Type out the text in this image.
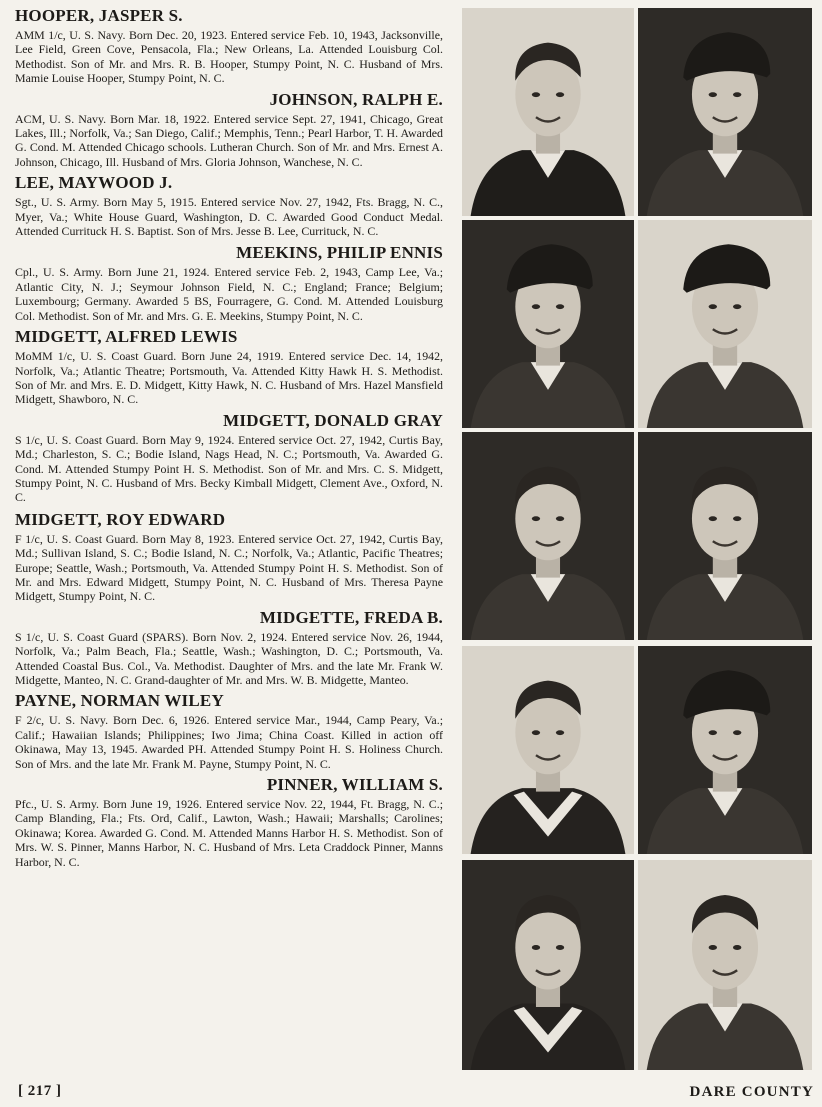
HOOPER, JASPER S.

AMM 1/c, U. S. Navy. Born Dec. 20, 1923. Entered service Feb. 10, 1943, Jacksonville, Lee Field, Green Cove, Pensacola, Fla.; New Orleans, La. Attended Louisburg Col. Methodist. Son of Mr. and Mrs. R. B. Hooper, Stumpy Point, N. C. Husband of Mrs. Mamie Louise Hooper, Stumpy Point, N. C.

JOHNSON, RALPH E.

ACM, U. S. Navy. Born Mar. 18, 1922. Entered service Sept. 27, 1941, Chicago, Great Lakes, Ill.; Norfolk, Va.; San Diego, Calif.; Memphis, Tenn.; Pearl Harbor, T. H. Awarded G. Cond. M. Attended Chicago schools. Lutheran Church. Son of Mr. and Mrs. Ernest A. Johnson, Chicago, Ill. Husband of Mrs. Gloria Johnson, Wanchese, N. C.

LEE, MAYWOOD J.

Sgt., U. S. Army. Born May 5, 1915. Entered service Nov. 27, 1942, Fts. Bragg, N. C., Myer, Va.; White House Guard, Washington, D. C. Awarded Good Conduct Medal. Attended Currituck H. S. Baptist. Son of Mrs. Jesse B. Lee, Currituck, N. C.

MEEKINS, PHILIP ENNIS

Cpl., U. S. Army. Born June 21, 1924. Entered service Feb. 2, 1943, Camp Lee, Va.; Atlantic City, N. J.; Seymour Johnson Field, N. C.; England; France; Belgium; Luxembourg; Germany. Awarded 5 BS, Fourragere, G. Cond. M. Attended Louisburg Col. Methodist. Son of Mr. and Mrs. G. E. Meekins, Stumpy Point, N. C.

MIDGETT, ALFRED LEWIS

MoMM 1/c, U. S. Coast Guard. Born June 24, 1919. Entered service Dec. 14, 1942, Norfolk, Va.; Atlantic Theatre; Portsmouth, Va. Attended Kitty Hawk H. S. Methodist. Son of Mr. and Mrs. E. D. Midgett, Kitty Hawk, N. C. Husband of Mrs. Hazel Mansfield Midgett, Shawboro, N. C.

MIDGETT, DONALD GRAY

S 1/c, U. S. Coast Guard. Born May 9, 1924. Entered service Oct. 27, 1942, Curtis Bay, Md.; Charleston, S. C.; Bodie Island, Nags Head, N. C.; Portsmouth, Va. Awarded G. Cond. M. Attended Stumpy Point H. S. Methodist. Son of Mr. and Mrs. C. S. Midgett, Stumpy Point, N. C. Husband of Mrs. Becky Kimball Midgett, Clement Ave., Oxford, N. C.

MIDGETT, ROY EDWARD

F 1/c, U. S. Coast Guard. Born May 8, 1923. Entered service Oct. 27, 1942, Curtis Bay, Md.; Sullivan Island, S. C.; Bodie Island, N. C.; Norfolk, Va.; Atlantic, Pacific Theatres; Europe; Seattle, Wash.; Portsmouth, Va. Attended Stumpy Point H. S. Methodist. Son of Mr. and Mrs. Edward Midgett, Stumpy Point, N. C. Husband of Mrs. Theresa Payne Midgett, Stumpy Point, N. C.

MIDGETTE, FREDA B.

S 1/c, U. S. Coast Guard (SPARS). Born Nov. 2, 1924. Entered service Nov. 26, 1944, Norfolk, Va.; Palm Beach, Fla.; Seattle, Wash.; Washington, D. C.; Portsmouth, Va. Attended Coastal Bus. Col., Va. Methodist. Daughter of Mrs. and the late Mr. Frank W. Midgette, Manteo, N. C. Grand-daughter of Mr. and Mrs. W. B. Midgette, Manteo.

PAYNE, NORMAN WILEY

F 2/c, U. S. Navy. Born Dec. 6, 1926. Entered service Mar., 1944, Camp Peary, Va.; Calif.; Hawaiian Islands; Philippines; Iwo Jima; China Coast. Killed in action off Okinawa, May 13, 1945. Awarded PH. Attended Stumpy Point H. S. Holiness Church. Son of Mrs. and the late Mr. Frank M. Payne, Stumpy Point, N. C.

PINNER, WILLIAM S.

Pfc., U. S. Army. Born June 19, 1926. Entered service Nov. 22, 1944, Ft. Bragg, N. C.; Camp Blanding, Fla.; Fts. Ord, Calif., Lawton, Wash.; Hawaii; Marshalls; Carolines; Okinawa; Korea. Awarded G. Cond. M. Attended Manns Harbor H. S. Methodist. Son of Mrs. W. S. Pinner, Manns Harbor, N. C. Husband of Mrs. Leta Craddock Pinner, Manns Harbor, N. C.

[ 217 ]	DARE COUNTY
